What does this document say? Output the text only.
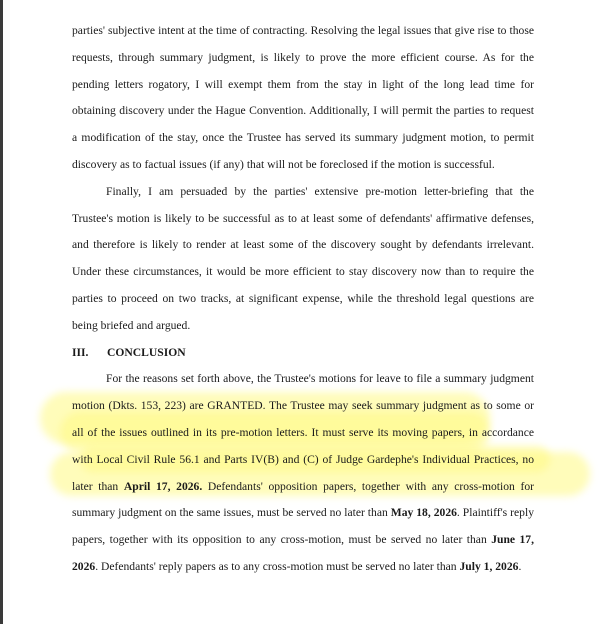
parties' subjective intent at the time of contracting. Resolving the legal issues that give rise to those
requests, through summary judgment, is likely to prove the more efficient course. As for the
pending letters rogatory, I will exempt them from the stay in light of the long lead time for
obtaining discovery under the Hague Convention. Additionally, I will permit the parties to request
a modification of the stay, once the Trustee has served its summary judgment motion, to permit
discovery as to factual issues (if any) that will not be foreclosed if the motion is successful.
Finally, I am persuaded by the parties' extensive pre-motion letter-briefing that the
Trustee's motion is likely to be successful as to at least some of defendants' affirmative defenses,
and therefore is likely to render at least some of the discovery sought by defendants irrelevant.
Under these circumstances, it would be more efficient to stay discovery now than to require the
parties to proceed on two tracks, at significant expense, while the threshold legal questions are
being briefed and argued.
III. CONCLUSION
For the reasons set forth above, the Trustee's motions for leave to file a summary judgment
motion (Dkts. 153, 223) are GRANTED. The Trustee may seek summary judgment as to some or
all of the issues outlined in its pre-motion letters. It must serve its moving papers, in accordance
with Local Civil Rule 56.1 and Parts IV(B) and (C) of Judge Gardephe's Individual Practices, no
later than April 17, 2026. Defendants' opposition papers, together with any cross-motion for
summary judgment on the same issues, must be served no later than May 18, 2026. Plaintiff's reply
papers, together with its opposition to any cross-motion, must be served no later than June 17,
2026. Defendants' reply papers as to any cross-motion must be served no later than July 1, 2026.
